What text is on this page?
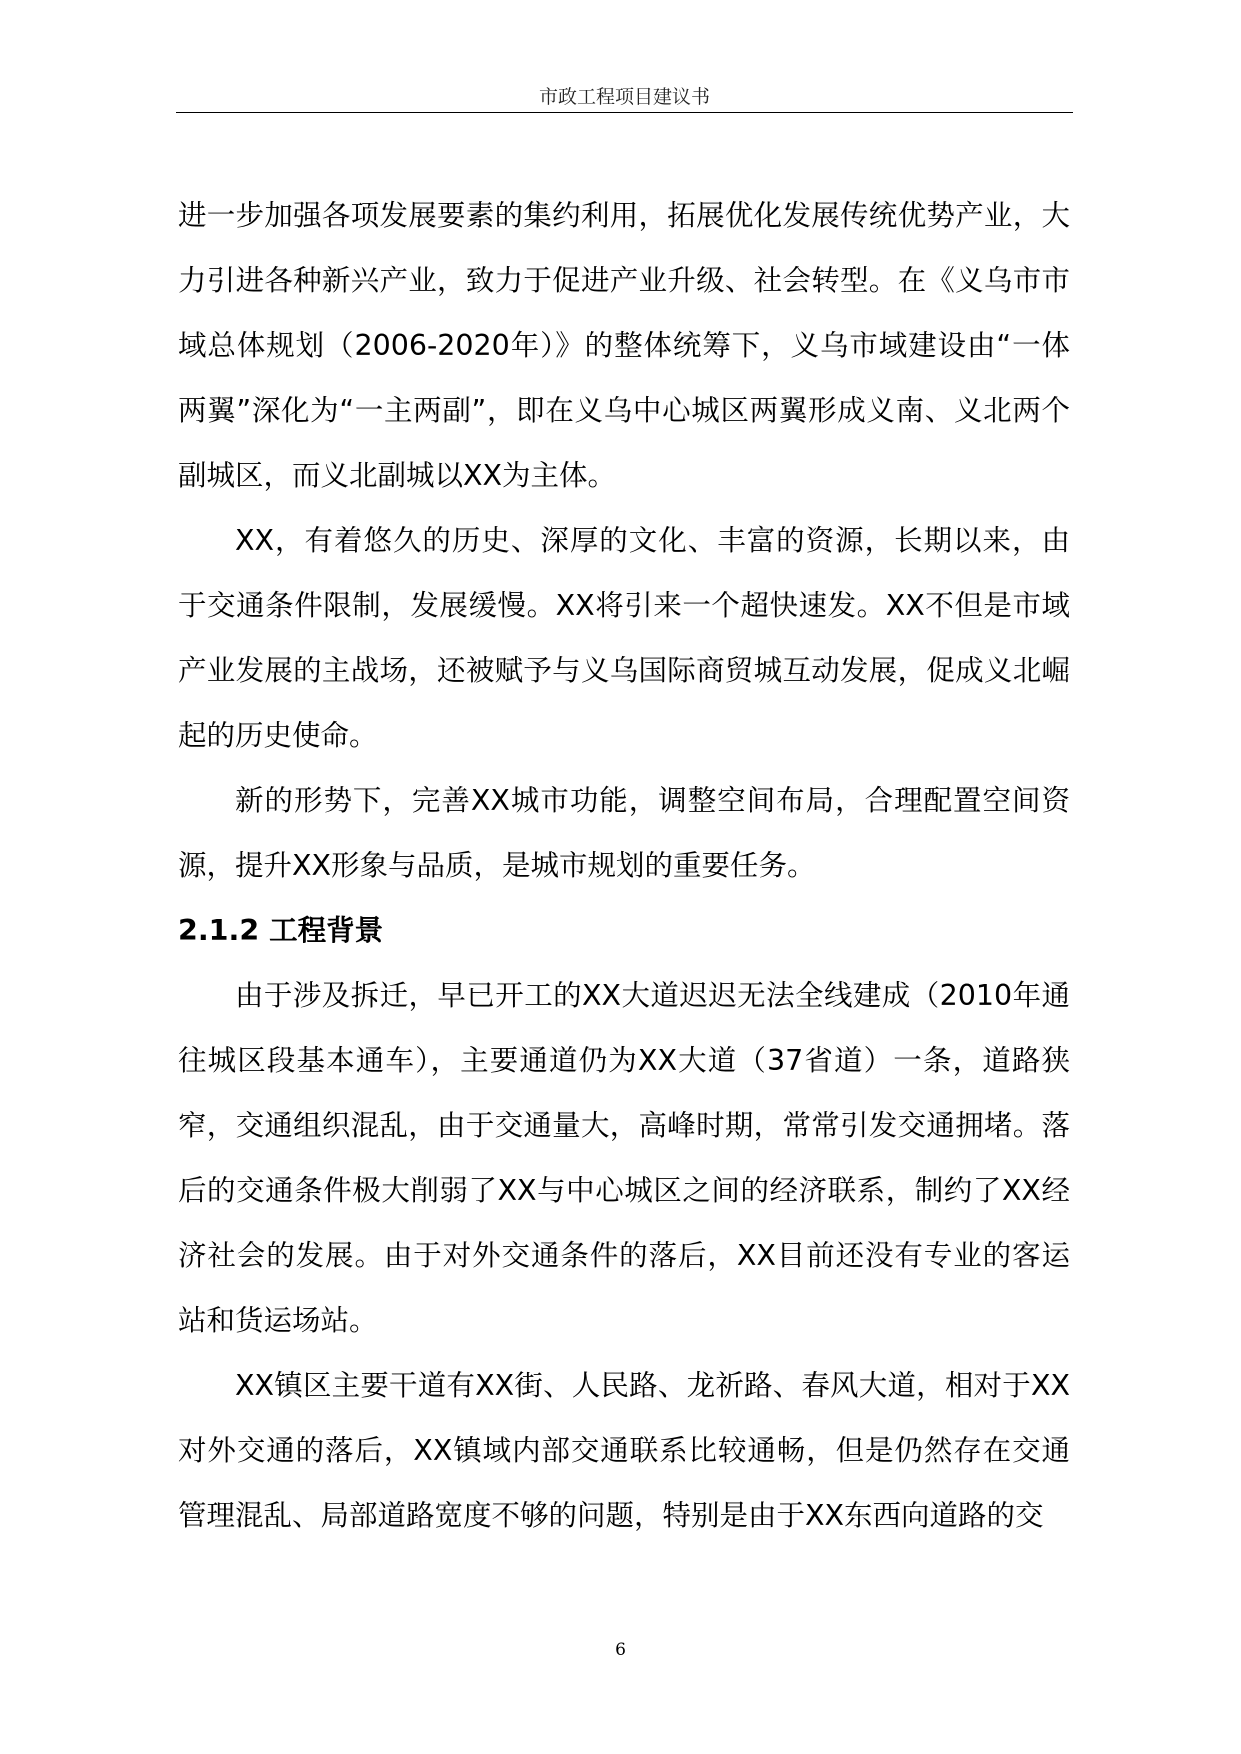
市政工程项目建议书

进一步加强各项发展要素的集约利用，拓展优化发展传统优势产业，大力引进各种新兴产业，致力于促进产业升级、社会转型。在《义乌市市域总体规划（2006-2020年）》的整体统筹下，义乌市域建设由“一体两翼”深化为“一主两副”，即在义乌中心城区两翼形成义南、义北两个副城区，而义北副城以XX为主体。

XX，有着悠久的历史、深厚的文化、丰富的资源，长期以来，由于交通条件限制，发展缓慢。XX将引来一个超快速发。XX不但是市域产业发展的主战场，还被赋予与义乌国际商贸城互动发展，促成义北崛起的历史使命。

新的形势下，完善XX城市功能，调整空间布局，合理配置空间资源，提升XX形象与品质，是城市规划的重要任务。

2.1.2 工程背景

由于涉及拆迁，早已开工的XX大道迟迟无法全线建成（2010年通往城区段基本通车），主要通道仍为XX大道（37省道）一条，道路狭窄，交通组织混乱，由于交通量大，高峰时期，常常引发交通拥堵。落后的交通条件极大削弱了XX与中心城区之间的经济联系，制约了XX经济社会的发展。由于对外交通条件的落后，XX目前还没有专业的客运站和货运场站。

XX镇区主要干道有XX街、人民路、龙祈路、春风大道，相对于XX对外交通的落后，XX镇域内部交通联系比较通畅，但是仍然存在交通管理混乱、局部道路宽度不够的问题，特别是由于XX东西向道路的交

6
